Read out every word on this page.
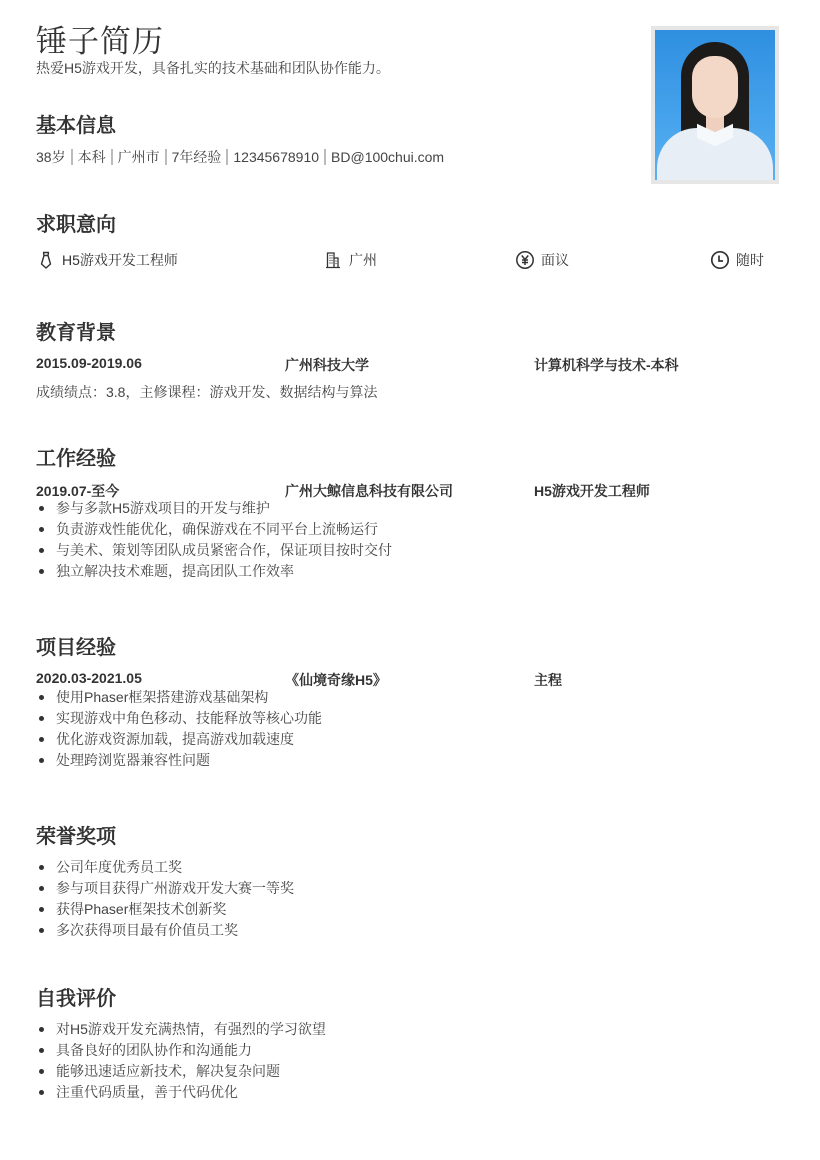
锤子简历
热爱H5游戏开发，具备扎实的技术基础和团队协作能力。
基本信息
38岁 本科 广州市 7年经验 12345678910 BD@100chui.com
求职意向
H5游戏开发工程师	广州	面议	随时
教育背景
2015.09-2019.06	广州科技大学	计算机科学与技术-本科
成绩绩点：3.8，主修课程：游戏开发、数据结构与算法
工作经验
2019.07-至今	广州大鲸信息科技有限公司	H5游戏开发工程师
参与多款H5游戏项目的开发与维护
负责游戏性能优化，确保游戏在不同平台上流畅运行
与美术、策划等团队成员紧密合作，保证项目按时交付
独立解决技术难题，提高团队工作效率
项目经验
2020.03-2021.05	《仙境奇缘H5》	主程
使用Phaser框架搭建游戏基础架构
实现游戏中角色移动、技能释放等核心功能
优化游戏资源加载，提高游戏加载速度
处理跨浏览器兼容性问题
荣誉奖项
公司年度优秀员工奖
参与项目获得广州游戏开发大赛一等奖
获得Phaser框架技术创新奖
多次获得项目最有价值员工奖
自我评价
对H5游戏开发充满热情，有强烈的学习欲望
具备良好的团队协作和沟通能力
能够迅速适应新技术，解决复杂问题
注重代码质量，善于代码优化
